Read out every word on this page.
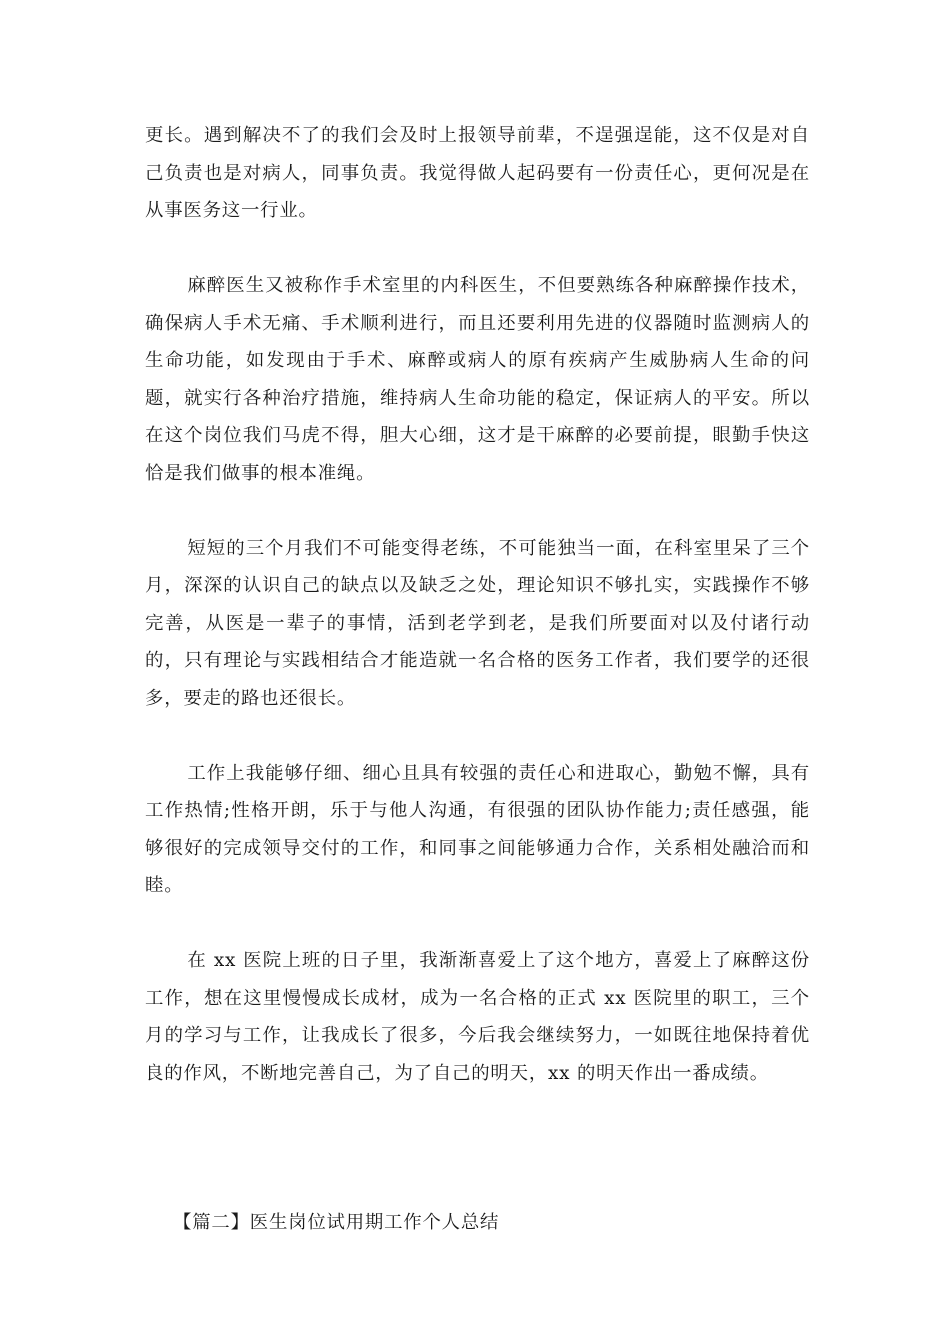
更长。遇到解决不了的我们会及时上报领导前辈，不逞强逞能，这不仅是对自己负责也是对病人，同事负责。我觉得做人起码要有一份责任心，更何况是在从事医务这一行业。

麻醉医生又被称作手术室里的内科医生，不但要熟练各种麻醉操作技术，确保病人手术无痛、手术顺利进行，而且还要利用先进的仪器随时监测病人的生命功能，如发现由于手术、麻醉或病人的原有疾病产生威胁病人生命的问题，就实行各种治疗措施，维持病人生命功能的稳定，保证病人的平安。所以在这个岗位我们马虎不得，胆大心细，这才是干麻醉的必要前提，眼勤手快这恰是我们做事的根本准绳。

短短的三个月我们不可能变得老练，不可能独当一面，在科室里呆了三个月，深深的认识自己的缺点以及缺乏之处，理论知识不够扎实，实践操作不够完善，从医是一辈子的事情，活到老学到老，是我们所要面对以及付诸行动的，只有理论与实践相结合才能造就一名合格的医务工作者，我们要学的还很多，要走的路也还很长。

工作上我能够仔细、细心且具有较强的责任心和进取心，勤勉不懈，具有工作热情;性格开朗，乐于与他人沟通，有很强的团队协作能力;责任感强，能够很好的完成领导交付的工作，和同事之间能够通力合作，关系相处融洽而和睦。

在 xx 医院上班的日子里，我渐渐喜爱上了这个地方，喜爱上了麻醉这份工作，想在这里慢慢成长成材，成为一名合格的正式 xx 医院里的职工，三个月的学习与工作，让我成长了很多，今后我会继续努力，一如既往地保持着优良的作风，不断地完善自己，为了自己的明天，xx 的明天作出一番成绩。

【篇二】医生岗位试用期工作个人总结
